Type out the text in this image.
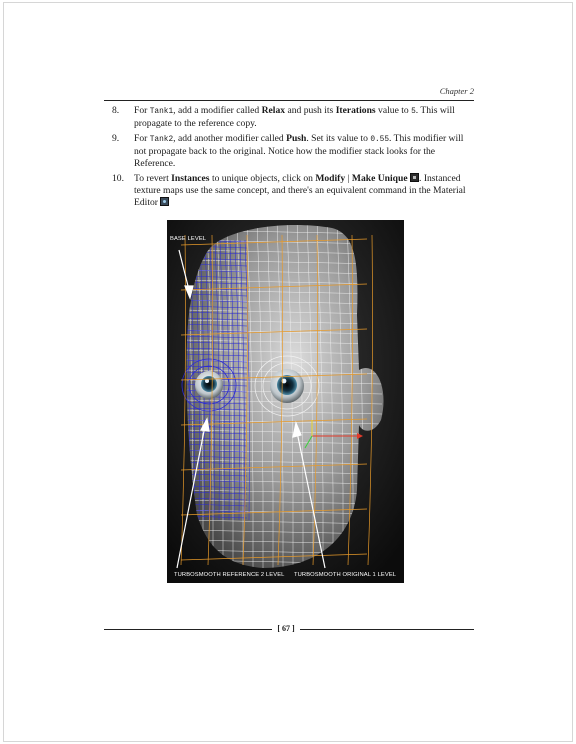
Chapter 2
8.	For Tank1, add a modifier called Relax and push its Iterations value to 5. This will propagate to the reference copy.
9.	For Tank2, add another modifier called Push. Set its value to 0.55. This modifier will not propagate back to the original. Notice how the modifier stack looks for the Reference.
10.	To revert Instances to unique objects, click on Modify | Make Unique . Instanced texture maps use the same concept, and there's an equivalent command in the Material Editor
BASE LEVEL
TURBOSMOOTH REFERENCE 2 LEVEL TURBOSMOOTH ORIGINAL 1 LEVEL
[ 67 ]
